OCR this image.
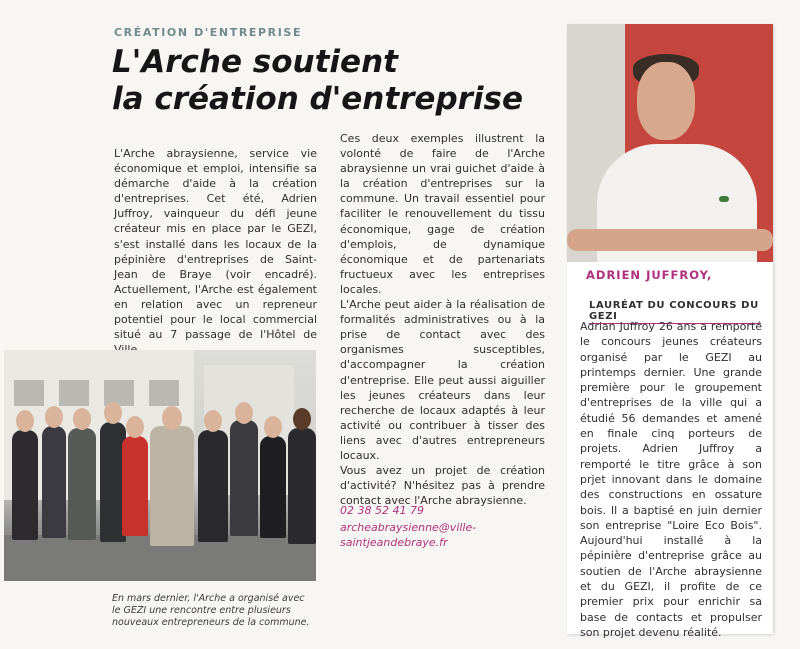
CRÉATION D'ENTREPRISE
L'Arche soutient
la création d'entreprise

L'Arche abraysienne, service vie économique et emploi, intensifie sa démarche d'aide à la création d'entreprises. Cet été, Adrien Juffroy, vainqueur du défi jeune créateur mis en place par le GEZI, s'est installé dans les locaux de la pépinière d'entreprises de Saint-Jean de Braye (voir encadré). Actuellement, l'Arche est également en relation avec un repreneur potentiel pour le local commercial situé au 7 passage de l'Hôtel de

Ces deux exemples illustrent la volonté de faire de l'Arche abraysienne un vrai guichet d'aide à la création d'entreprises sur la commune. Un travail essentiel pour faciliter le renouvellement du tissu économique, gage de création d'emplois, de dynamique économique et de partenariats fructueux avec les entreprises locales.

L'Arche peut aider à la réalisation de formalités administratives ou à la prise de contact avec des organismes susceptibles, d'accompagner la création d'entreprise. Elle peut aussi aiguiller les jeunes créateurs dans leur recherche de locaux adaptés à leur activité ou contribuer à tisser des liens avec d'autres entrepreneurs locaux.

Vous avez un projet de création d'activité? N'hésitez pas à prendre contact avec l'Arche abraysienne.

02 38 52 41 79
archeabraysienne@ville-saintjeandebraye.fr
En mars dernier, l'Arche a organisé avec le GEZI une rencontre entre plusieurs nouveaux entrepreneurs de la commune.
ADRIEN JUFFROY,
LAURÉAT DU CONCOURS DU GEZI
Adrian Juffroy 26 ans a remporté le concours jeunes créateurs organisé par le GEZI au printemps dernier. Une grande première pour le groupement d'entreprises de la ville qui a étudié 56 demandes et amené en finale cinq porteurs de projets. Adrien Juffroy a remporté le titre grâce à son prjet innovant dans le domaine des constructions en ossature bois. Il a baptisé en juin dernier son entreprise "Loire Eco Bois". Aujourd'hui installé à la pépinière d'entreprise grâce au soutien de l'Arche abraysienne et du GEZI, il profite de ce premier prix pour enrichir sa base de contacts et propulser son projet devenu réalité.
